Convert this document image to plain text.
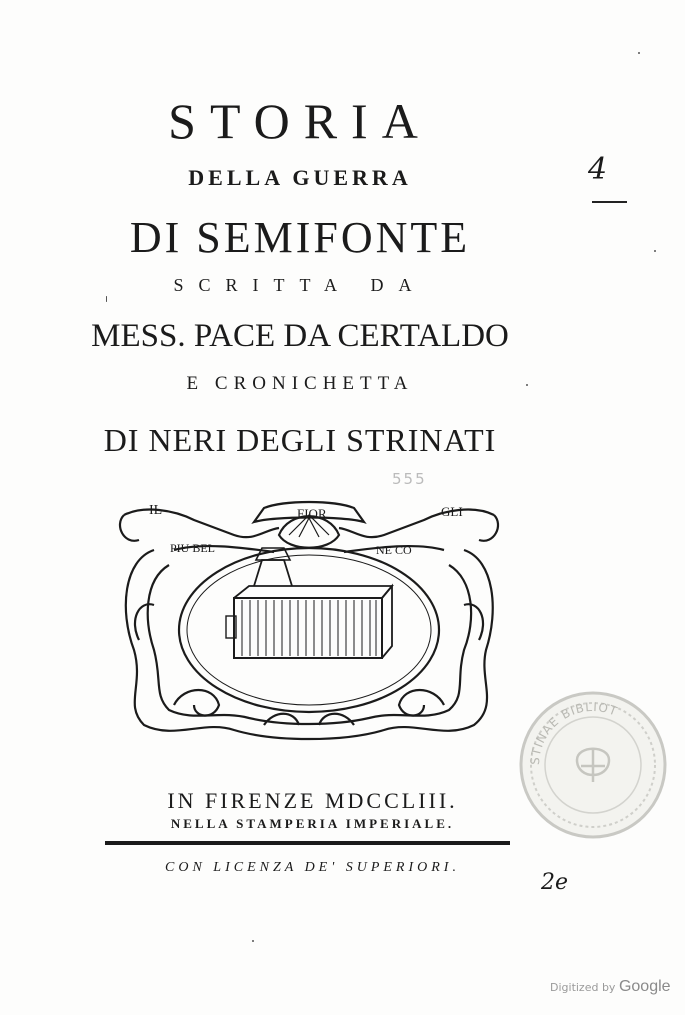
STORIA
DELLA GUERRA
DI SEMIFONTE
SCRITTA DA
MESS. PACE DA CERTALDO
E CRONICHETTA
DI NERI DEGLI STRINATI
555
IL	FIOR	GLI
PIU BEL	NE CO
IN FIRENZE MDCCLIII.
NELLA STAMPERIA IMPERIALE.
CON LICENZA DE' SUPERIORI.
STINAE BIBLIOT
4
2e
Digitized by Google
